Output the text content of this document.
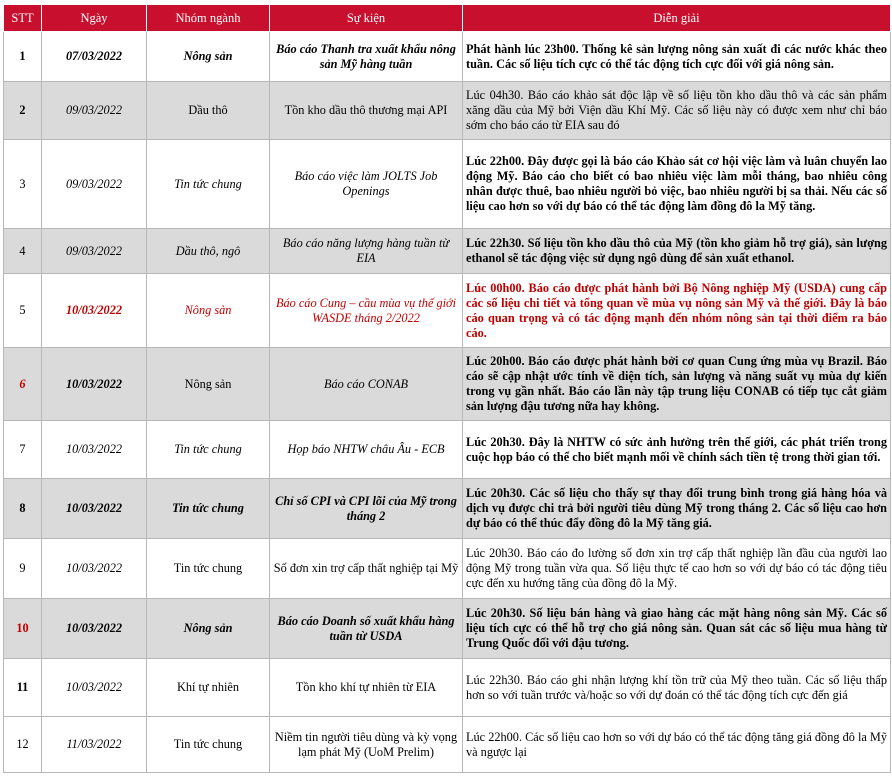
STT	Ngày	Nhóm ngành	Sự kiện	Diễn giải
1	07/03/2022	Nông sản	Báo cáo Thanh tra xuất khẩu nông sản Mỹ hàng tuần	Phát hành lúc 23h00. Thống kê sản lượng nông sản xuất đi các nước khác theo tuần. Các số liệu tích cực có thể tác động tích cực đối với giá nông sản.
2	09/03/2022	Dầu thô	Tồn kho dầu thô thương mại API	Lúc 04h30. Báo cáo khảo sát độc lập về số liệu tồn kho dầu thô và các sản phẩm xăng dầu của Mỹ bởi Viện dầu Khí Mỹ. Các số liệu này có được xem như chỉ báo sớm cho báo cáo từ EIA sau đó
3	09/03/2022	Tin tức chung	Báo cáo việc làm JOLTS Job Openings	Lúc 22h00. Đây được gọi là báo cáo Khảo sát cơ hội việc làm và luân chuyển lao động Mỹ. Báo cáo cho biết có bao nhiêu việc làm mỗi tháng, bao nhiêu công nhân được thuê, bao nhiêu người bỏ việc, bao nhiêu người bị sa thải. Nếu các số liệu cao hơn so với dự báo có thể tác động làm đồng đô la Mỹ tăng.
4	09/03/2022	Dầu thô, ngô	Báo cáo năng lượng hàng tuần từ EIA	Lúc 22h30. Số liệu tồn kho dầu thô của Mỹ (tồn kho giảm hỗ trợ giá), sản lượng ethanol sẽ tác động việc sử dụng ngô dùng để sản xuất ethanol.
5	10/03/2022	Nông sản	Báo cáo Cung – cầu mùa vụ thế giới WASDE tháng 2/2022	Lúc 00h00. Báo cáo được phát hành bởi Bộ Nông nghiệp Mỹ (USDA) cung cấp các số liệu chi tiết và tổng quan về mùa vụ nông sản Mỹ và thế giới. Đây là báo cáo quan trọng và có tác động mạnh đến nhóm nông sản tại thời điểm ra báo cáo.
6	10/03/2022	Nông sản	Báo cáo CONAB	Lúc 20h00. Báo cáo được phát hành bởi cơ quan Cung ứng mùa vụ Brazil. Báo cáo sẽ cập nhật ước tính về diện tích, sản lượng và năng suất vụ mùa dự kiến trong vụ gần nhất. Báo cáo lần này tập trung liệu CONAB có tiếp tục cắt giảm sản lượng đậu tương nữa hay không.
7	10/03/2022	Tin tức chung	Họp báo NHTW châu Âu - ECB	Lúc 20h30. Đây là NHTW có sức ảnh hưởng trên thế giới, các phát triển trong cuộc họp báo có thể cho biết mạnh mối về chính sách tiền tệ trong thời gian tới.
8	10/03/2022	Tin tức chung	Chỉ số CPI và CPI lõi của Mỹ trong tháng 2	Lúc 20h30. Các số liệu cho thấy sự thay đổi trung bình trong giá hàng hóa và dịch vụ được chi trả bởi người tiêu dùng Mỹ trong tháng 2. Các số liệu cao hơn dự báo có thể thúc đẩy đồng đô la Mỹ tăng giá.
9	10/03/2022	Tin tức chung	Số đơn xin trợ cấp thất nghiệp tại Mỹ	Lúc 20h30. Báo cáo đo lường số đơn xin trợ cấp thất nghiệp lần đầu của người lao động Mỹ trong tuần vừa qua. Số liệu thực tế cao hơn so với dự báo có tác động tiêu cực đến xu hướng tăng của đồng đô la Mỹ.
10	10/03/2022	Nông sản	Báo cáo Doanh số xuất khẩu hàng tuần từ USDA	Lúc 20h30. Số liệu bán hàng và giao hàng các mặt hàng nông sản Mỹ. Các số liệu tích cực có thể hỗ trợ cho giá nông sản. Quan sát các số liệu mua hàng từ Trung Quốc đối với đậu tương.
11	10/03/2022	Khí tự nhiên	Tồn kho khí tự nhiên từ EIA	Lúc 22h30. Báo cáo ghi nhận lượng khí tồn trữ của Mỹ theo tuần. Các số liệu thấp hơn so với tuần trước và/hoặc so với dự đoán có thể tác động tích cực đến giá
12	11/03/2022	Tin tức chung	Niềm tin người tiêu dùng và kỳ vọng lạm phát Mỹ (UoM Prelim)	Lúc 22h00. Các số liệu cao hơn so với dự báo có thể tác động tăng giá đồng đô la Mỹ và ngược lại
